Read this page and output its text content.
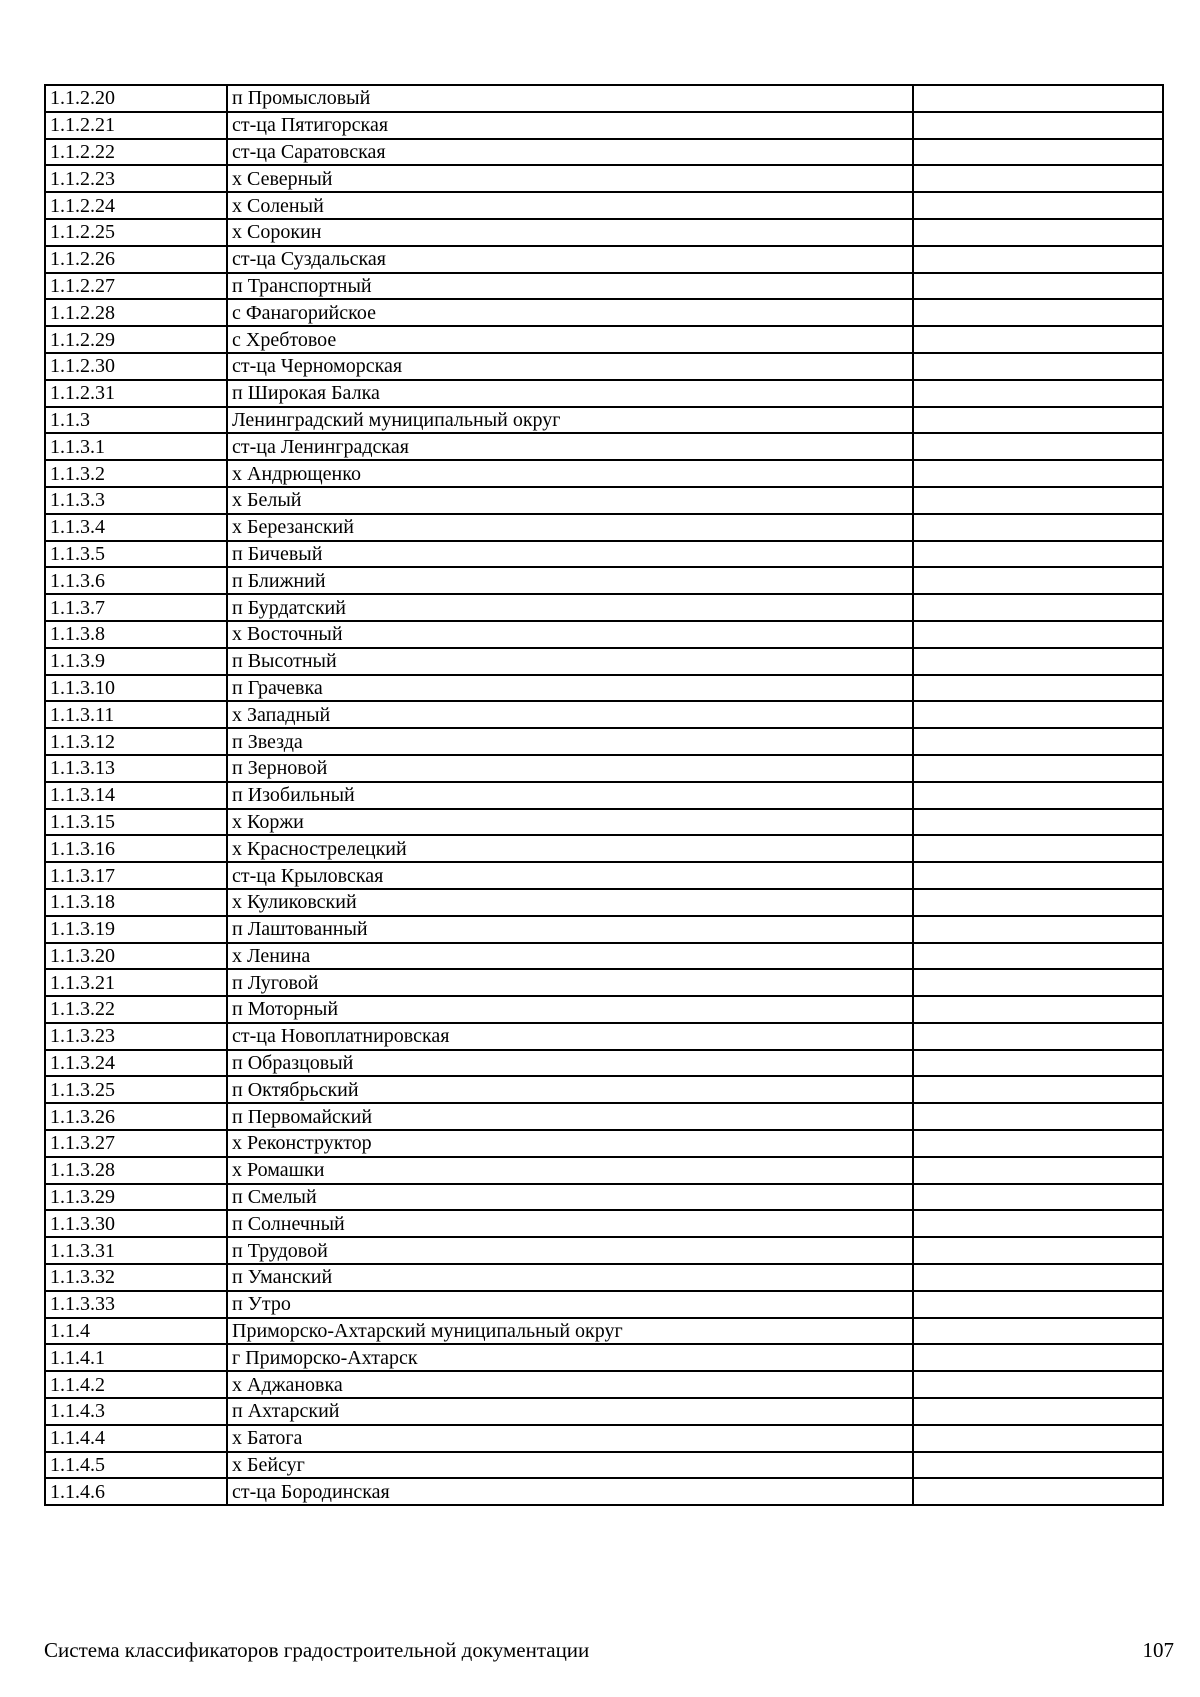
1.1.2.20	п Промысловый	
1.1.2.21	ст-ца Пятигорская	
1.1.2.22	ст-ца Саратовская	
1.1.2.23	х Северный	
1.1.2.24	х Соленый	
1.1.2.25	х Сорокин	
1.1.2.26	ст-ца Суздальская	
1.1.2.27	п Транспортный	
1.1.2.28	с Фанагорийское	
1.1.2.29	с Хребтовое	
1.1.2.30	ст-ца Черноморская	
1.1.2.31	п Широкая Балка	
1.1.3	Ленинградский муниципальный округ	
1.1.3.1	ст-ца Ленинградская	
1.1.3.2	х Андрющенко	
1.1.3.3	х Белый	
1.1.3.4	х Березанский	
1.1.3.5	п Бичевый	
1.1.3.6	п Ближний	
1.1.3.7	п Бурдатский	
1.1.3.8	х Восточный	
1.1.3.9	п Высотный	
1.1.3.10	п Грачевка	
1.1.3.11	х Западный	
1.1.3.12	п Звезда	
1.1.3.13	п Зерновой	
1.1.3.14	п Изобильный	
1.1.3.15	х Коржи	
1.1.3.16	х Краснострелецкий	
1.1.3.17	ст-ца Крыловская	
1.1.3.18	х Куликовский	
1.1.3.19	п Лаштованный	
1.1.3.20	х Ленина	
1.1.3.21	п Луговой	
1.1.3.22	п Моторный	
1.1.3.23	ст-ца Новоплатнировская	
1.1.3.24	п Образцовый	
1.1.3.25	п Октябрьский	
1.1.3.26	п Первомайский	
1.1.3.27	х Реконструктор	
1.1.3.28	х Ромашки	
1.1.3.29	п Смелый	
1.1.3.30	п Солнечный	
1.1.3.31	п Трудовой	
1.1.3.32	п Уманский	
1.1.3.33	п Утро	
1.1.4	Приморско-Ахтарский муниципальный округ	
1.1.4.1	г Приморско-Ахтарск	
1.1.4.2	х Аджановка	
1.1.4.3	п Ахтарский	
1.1.4.4	х Батога	
1.1.4.5	х Бейсуг	
1.1.4.6	ст-ца Бородинская	
Система классификаторов градостроительной документации	107
